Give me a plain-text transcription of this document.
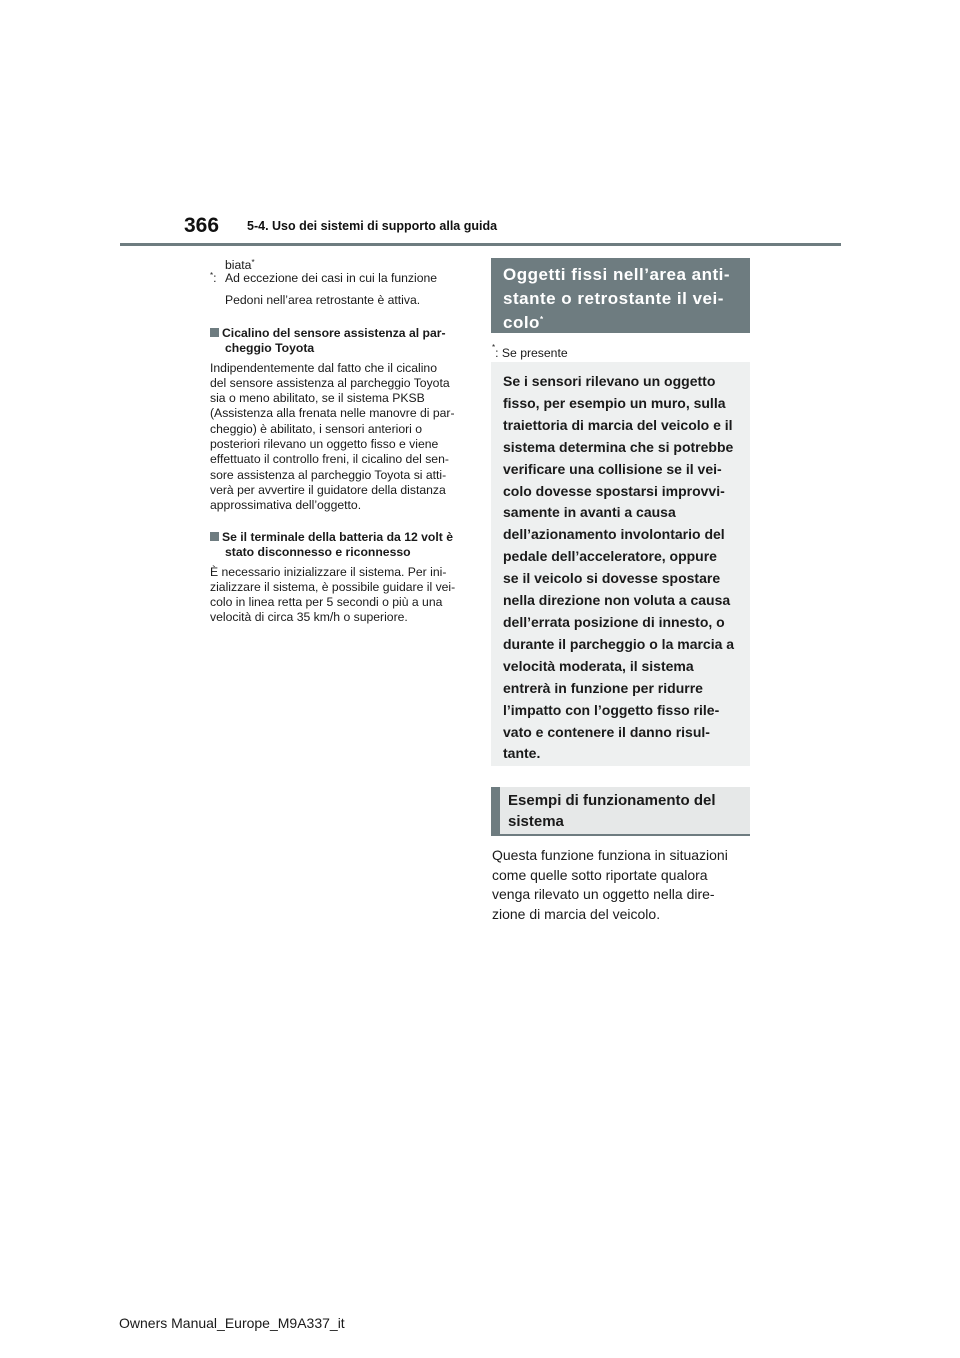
366 5-4. Uso dei sistemi di supporto alla guida
biata*
*: Ad eccezione dei casi in cui la funzione
Pedoni nell’area retrostante è attiva.
Cicalino del sensore assistenza al par-
cheggio Toyota
Indipendentemente dal fatto che il cicalino
del sensore assistenza al parcheggio Toyota
sia o meno abilitato, se il sistema PKSB
(Assistenza alla frenata nelle manovre di par-
cheggio) è abilitato, i sensori anteriori o
posteriori rilevano un oggetto fisso e viene
effettuato il controllo freni, il cicalino del sen-
sore assistenza al parcheggio Toyota si atti-
verà per avvertire il guidatore della distanza
approssimativa dell’oggetto.
Se il terminale della batteria da 12 volt è
stato disconnesso e riconnesso
È necessario inizializzare il sistema. Per ini-
zializzare il sistema, è possibile guidare il vei-
colo in linea retta per 5 secondi o più a una
velocità di circa 35 km/h o superiore.
Oggetti fissi nell’area anti-
stante o retrostante il vei-
colo*
*: Se presente
Se i sensori rilevano un oggetto
fisso, per esempio un muro, sulla
traiettoria di marcia del veicolo e il
sistema determina che si potrebbe
verificare una collisione se il vei-
colo dovesse spostarsi improvvi-
samente in avanti a causa
dell’azionamento involontario del
pedale dell’acceleratore, oppure
se il veicolo si dovesse spostare
nella direzione non voluta a causa
dell’errata posizione di innesto, o
durante il parcheggio o la marcia a
velocità moderata, il sistema
entrerà in funzione per ridurre
l’impatto con l’oggetto fisso rile-
vato e contenere il danno risul-
tante.
Esempi di funzionamento del
sistema
Questa funzione funziona in situazioni
come quelle sotto riportate qualora
venga rilevato un oggetto nella dire-
zione di marcia del veicolo.
Owners Manual_Europe_M9A337_it
